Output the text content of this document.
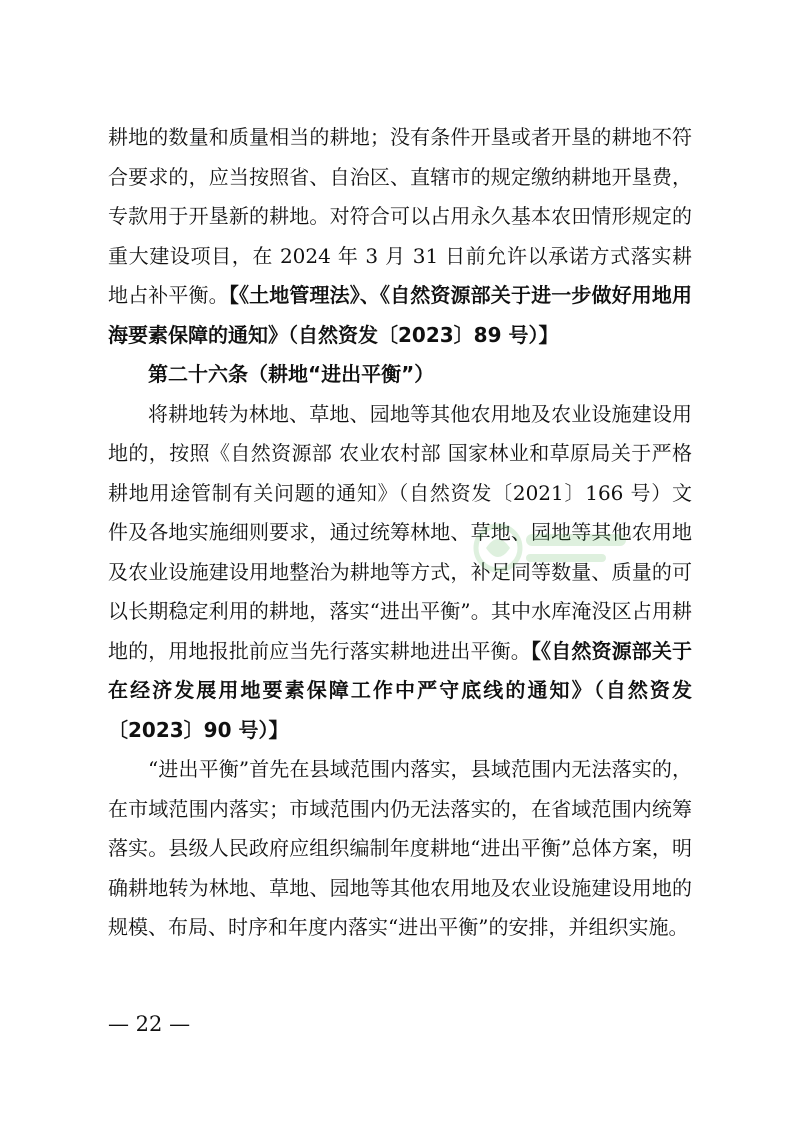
耕地的数量和质量相当的耕地；没有条件开垦或者开垦的耕地不符合要求的，应当按照省、自治区、直辖市的规定缴纳耕地开垦费，专款用于开垦新的耕地。对符合可以占用永久基本农田情形规定的重大建设项目，在 2024 年 3 月 31 日前允许以承诺方式落实耕地占补平衡。【《土地管理法》、《自然资源部关于进一步做好用地用海要素保障的通知》（自然资发〔2023〕89 号）】

第二十六条（耕地“进出平衡”）

将耕地转为林地、草地、园地等其他农用地及农业设施建设用地的，按照《自然资源部 农业农村部 国家林业和草原局关于严格耕地用途管制有关问题的通知》（自然资发〔2021〕166 号）文件及各地实施细则要求，通过统筹林地、草地、园地等其他农用地及农业设施建设用地整治为耕地等方式，补足同等数量、质量的可以长期稳定利用的耕地，落实“进出平衡”。其中水库淹没区占用耕地的，用地报批前应当先行落实耕地进出平衡。【《自然资源部关于在经济发展用地要素保障工作中严守底线的通知》（自然资发〔2023〕90 号）】

“进出平衡”首先在县域范围内落实，县域范围内无法落实的，在市域范围内落实；市域范围内仍无法落实的，在省域范围内统筹落实。县级人民政府应组织编制年度耕地“进出平衡”总体方案，明确耕地转为林地、草地、园地等其他农用地及农业设施建设用地的规模、布局、时序和年度内落实“进出平衡”的安排，并组织实施。

— 22 —
